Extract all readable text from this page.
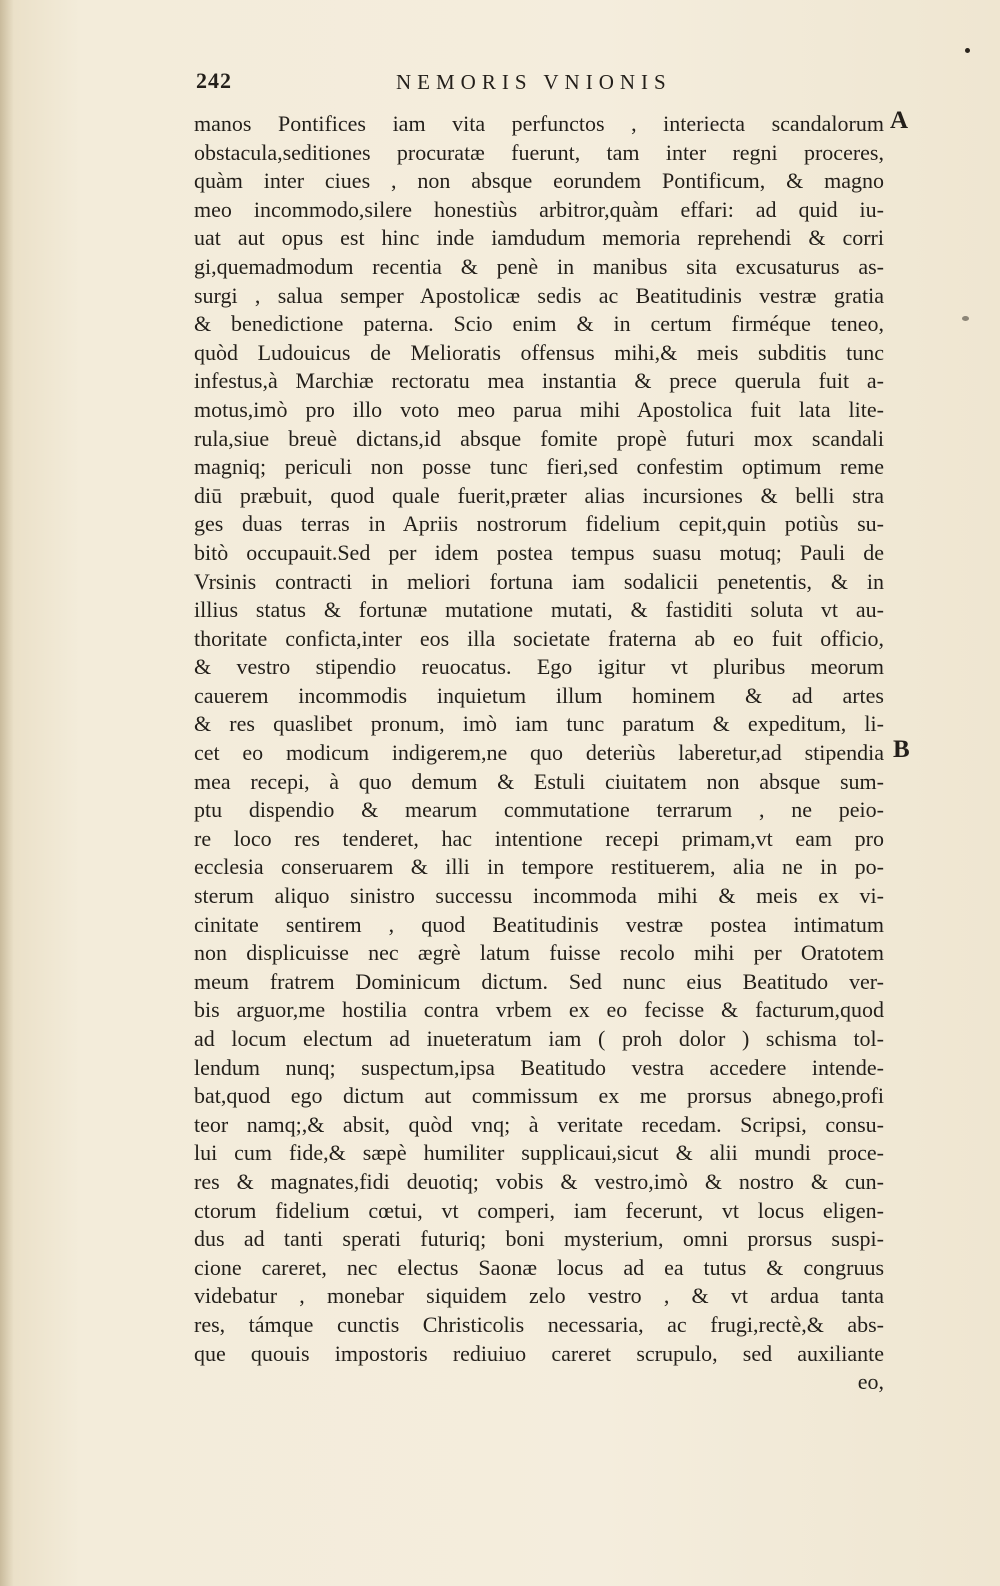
242	NEMORIS VNIONIS
A
B
manos Pontifices iam vita perfunctos , interiecta scandalorum
obstacula,seditiones procuratæ fuerunt, tam inter regni proceres,
quàm inter ciues , non absque eorundem Pontificum, & magno
meo incommodo,silere honestiùs arbitror,quàm effari: ad quid iu-
uat aut opus est hinc inde iamdudum memoria reprehendi & corri
gi,quemadmodum recentia & penè in manibus sita excusaturus as-
surgi , salua semper Apostolicæ sedis ac Beatitudinis vestræ gratia
& benedictione paterna. Scio enim & in certum firméque teneo,
quòd Ludouicus de Melioratis offensus mihi,& meis subditis tunc
infestus,à Marchiæ rectoratu mea instantia & prece querula fuit a-
motus,imò pro illo voto meo parua mihi Apostolica fuit lata lite-
rula,siue breuè dictans,id absque fomite propè futuri mox scandali
magniq; periculi non posse tunc fieri,sed confestim optimum reme
diū præbuit, quod quale fuerit,præter alias incursiones & belli stra
ges duas terras in Apriis nostrorum fidelium cepit,quin potiùs su-
bitò occupauit.Sed per idem postea tempus suasu motuq; Pauli de
Vrsinis contracti in meliori fortuna iam sodalicii penetentis, & in
illius status & fortunæ mutatione mutati, & fastiditi soluta vt au-
thoritate conficta,inter eos illa societate fraterna ab eo fuit officio,
& vestro stipendio reuocatus. Ego igitur vt pluribus meorum
cauerem incommodis inquietum illum hominem & ad artes
& res quaslibet pronum, imò iam tunc paratum & expeditum, li-
cet eo modicum indigerem,ne quo deteriùs laberetur,ad stipendia
mea recepi, à quo demum & Estuli ciuitatem non absque sum-
ptu dispendio & mearum commutatione terrarum , ne peio-
re loco res tenderet, hac intentione recepi primam,vt eam pro
ecclesia conseruarem & illi in tempore restituerem, alia ne in po-
sterum aliquo sinistro successu incommoda mihi & meis ex vi-
cinitate sentirem , quod Beatitudinis vestræ postea intimatum
non displicuisse nec ægrè latum fuisse recolo mihi per Oratotem
meum fratrem Dominicum dictum. Sed nunc eius Beatitudo ver-
bis arguor,me hostilia contra vrbem ex eo fecisse & facturum,quod
ad locum electum ad inueteratum iam ( proh dolor ) schisma tol-
lendum nunq; suspectum,ipsa Beatitudo vestra accedere intende-
bat,quod ego dictum aut commissum ex me prorsus abnego,profi
teor namq;,& absit, quòd vnq; à veritate recedam. Scripsi, consu-
lui cum fide,& sæpè humiliter supplicaui,sicut & alii mundi proce-
res & magnates,fidi deuotiq; vobis & vestro,imò & nostro & cun-
ctorum fidelium cœtui, vt comperi, iam fecerunt, vt locus eligen-
dus ad tanti sperati futuriq; boni mysterium, omni prorsus suspi-
cione careret, nec electus Saonæ locus ad ea tutus & congruus
videbatur , monebar siquidem zelo vestro , & vt ardua tanta
res, támque cunctis Christicolis necessaria, ac frugi,rectè,& abs-
que quouis impostoris rediuiuo careret scrupulo, sed auxiliante
eo,
